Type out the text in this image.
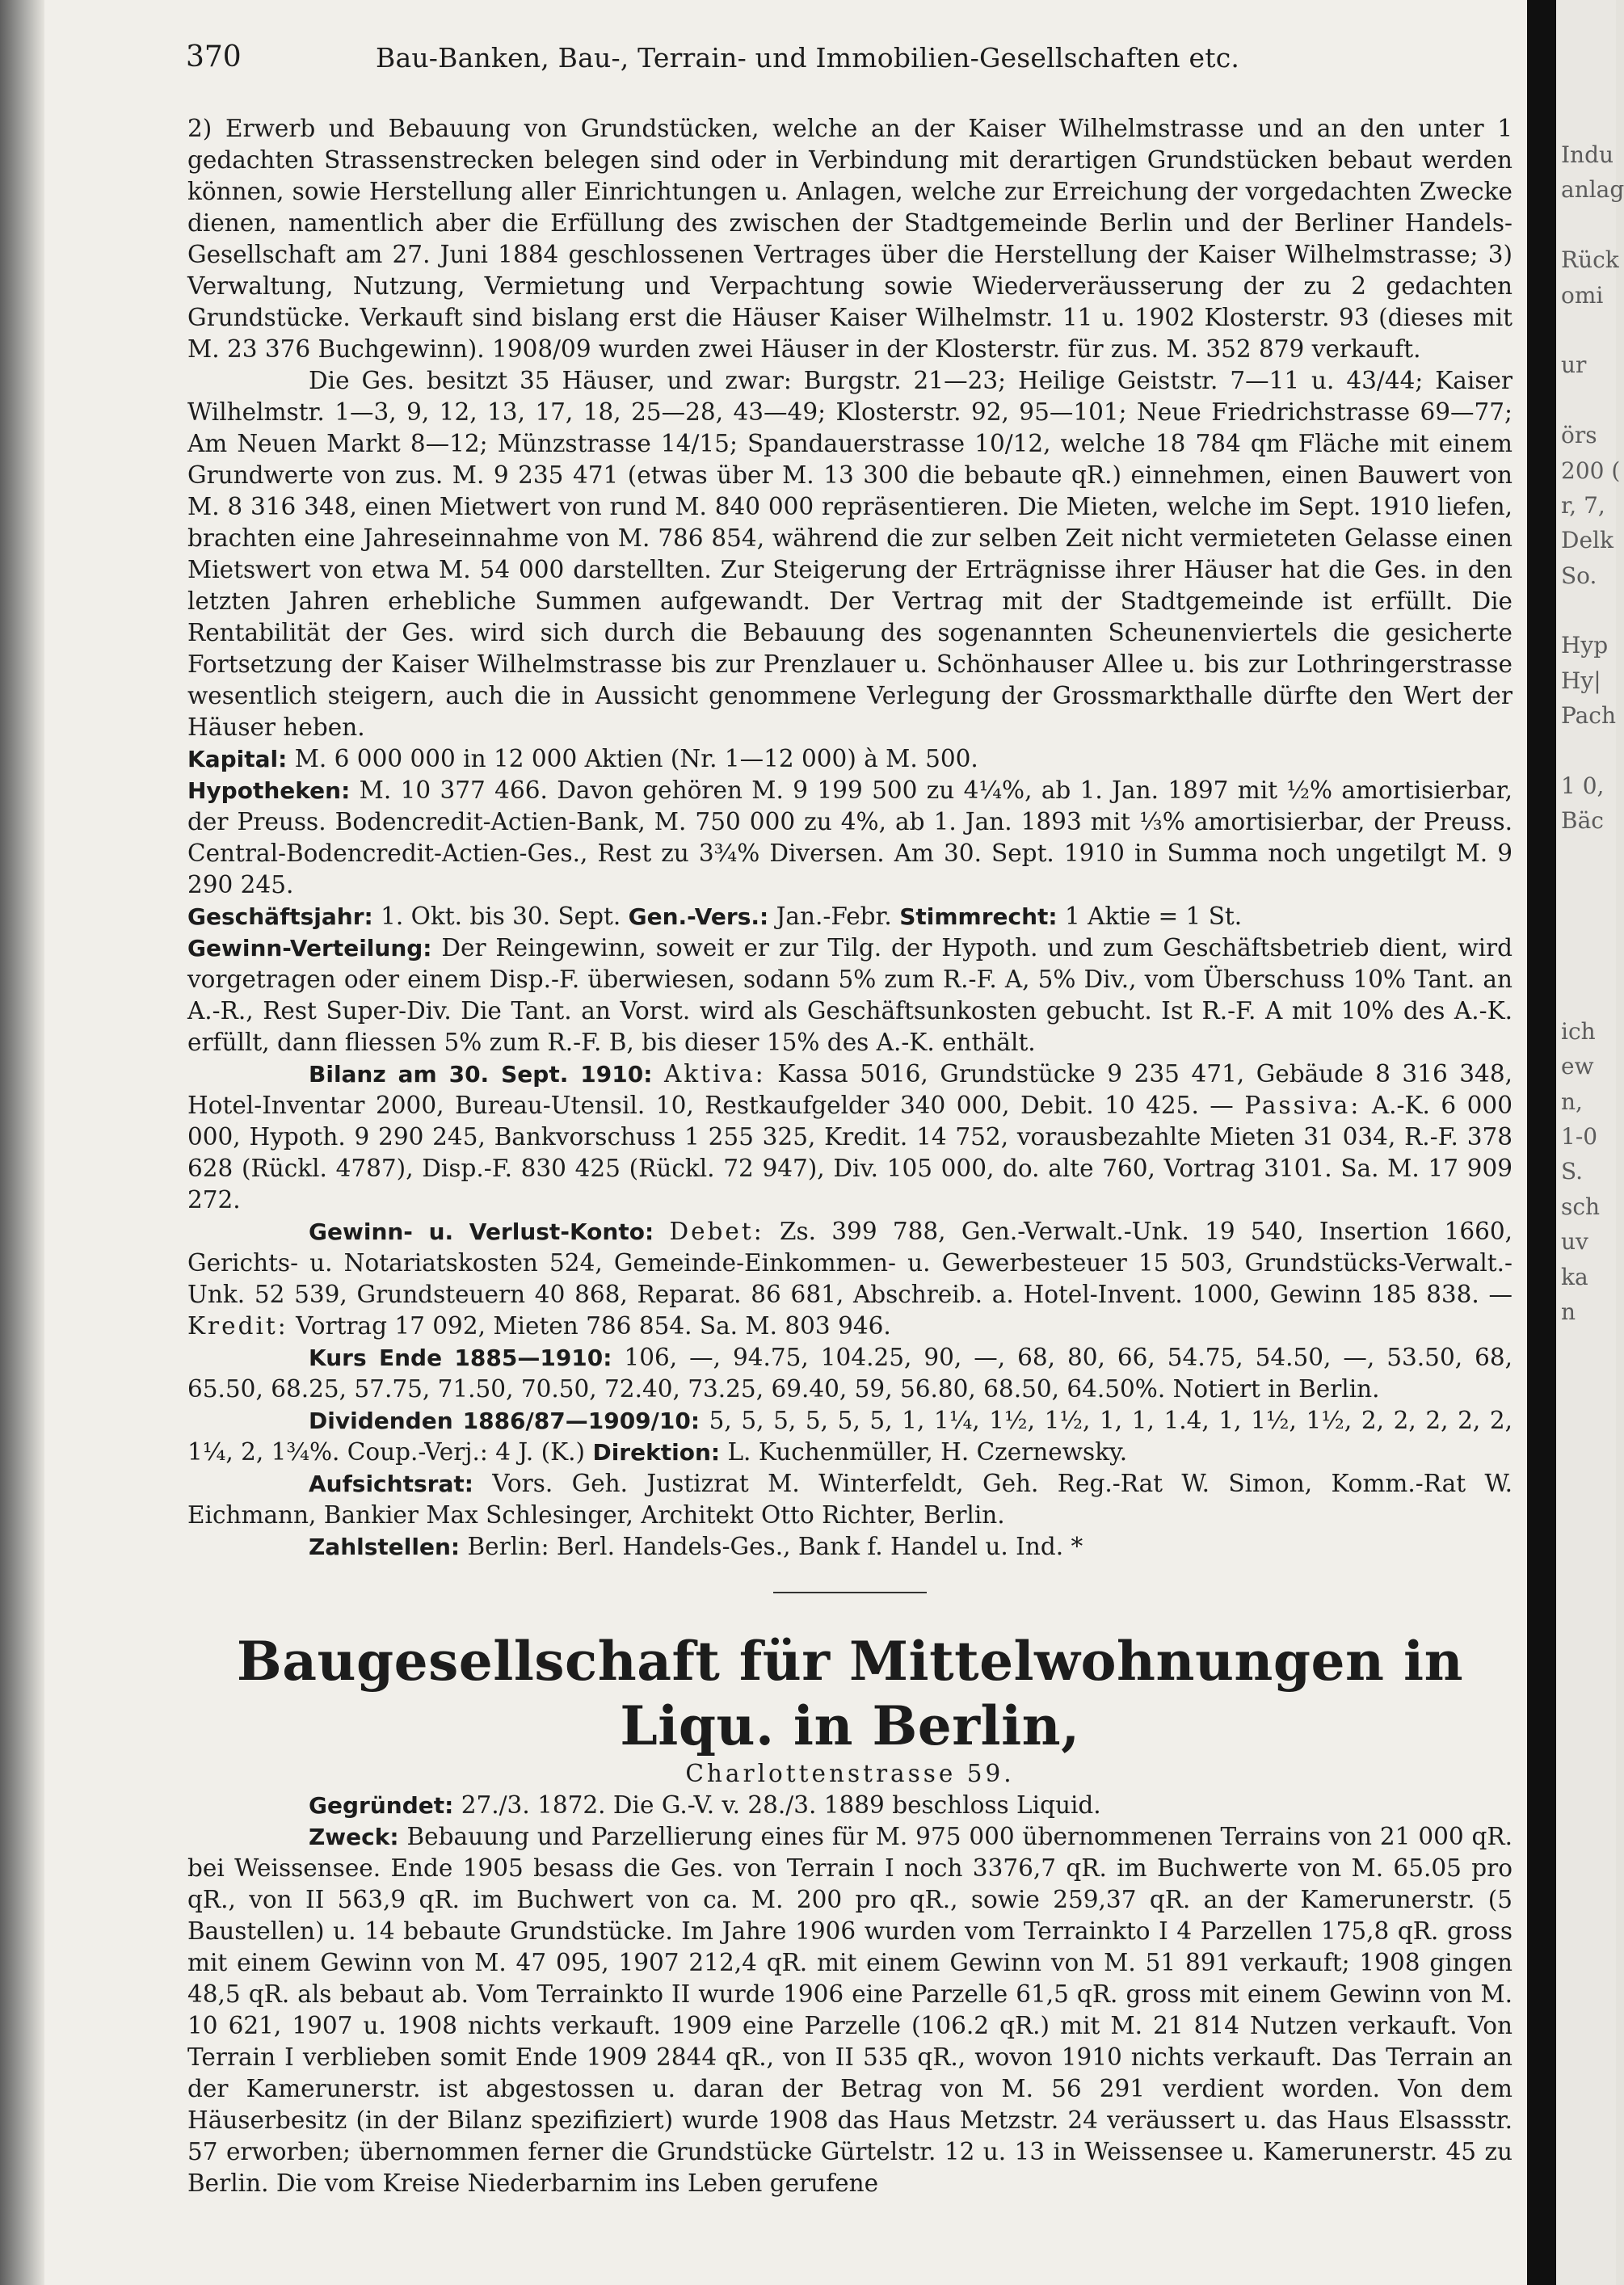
370	Bau-Banken, Bau-, Terrain- und Immobilien-Gesellschaften etc.

2) Erwerb und Bebauung von Grundstücken, welche an der Kaiser Wilhelmstrasse und an den unter 1 gedachten Strassenstrecken belegen sind oder in Verbindung mit derartigen Grundstücken bebaut werden können, sowie Herstellung aller Einrichtungen u. Anlagen, welche zur Erreichung der vorgedachten Zwecke dienen, namentlich aber die Erfüllung des zwischen der Stadtgemeinde Berlin und der Berliner Handels-Gesellschaft am 27. Juni 1884 geschlossenen Vertrages über die Herstellung der Kaiser Wilhelmstrasse; 3) Verwaltung, Nutzung, Vermietung und Verpachtung sowie Wiederveräusserung der zu 2 gedachten Grundstücke. Verkauft sind bislang erst die Häuser Kaiser Wilhelmstr. 11 u. 1902 Klosterstr. 93 (dieses mit M. 23 376 Buchgewinn). 1908/09 wurden zwei Häuser in der Klosterstr. für zus. M. 352 879 verkauft.

Die Ges. besitzt 35 Häuser, und zwar: Burgstr. 21—23; Heilige Geiststr. 7—11 u. 43/44; Kaiser Wilhelmstr. 1—3, 9, 12, 13, 17, 18, 25—28, 43—49; Klosterstr. 92, 95—101; Neue Friedrichstrasse 69—77; Am Neuen Markt 8—12; Münzstrasse 14/15; Spandauerstrasse 10/12, welche 18 784 qm Fläche mit einem Grundwerte von zus. M. 9 235 471 (etwas über M. 13 300 die bebaute qR.) einnehmen, einen Bauwert von M. 8 316 348, einen Mietwert von rund M. 840 000 repräsentieren. Die Mieten, welche im Sept. 1910 liefen, brachten eine Jahreseinnahme von M. 786 854, während die zur selben Zeit nicht vermieteten Gelasse einen Mietswert von etwa M. 54 000 darstellten. Zur Steigerung der Erträgnisse ihrer Häuser hat die Ges. in den letzten Jahren erhebliche Summen aufgewandt. Der Vertrag mit der Stadtgemeinde ist erfüllt. Die Rentabilität der Ges. wird sich durch die Bebauung des sogenannten Scheunenviertels die gesicherte Fortsetzung der Kaiser Wilhelmstrasse bis zur Prenzlauer u. Schönhauser Allee u. bis zur Lothringerstrasse wesentlich steigern, auch die in Aussicht genommene Verlegung der Grossmarkthalle dürfte den Wert der Häuser heben.

Kapital: M. 6 000 000 in 12 000 Aktien (Nr. 1—12 000) à M. 500.

Hypotheken: M. 10 377 466. Davon gehören M. 9 199 500 zu 4¼%, ab 1. Jan. 1897 mit ½% amortisierbar, der Preuss. Bodencredit-Actien-Bank, M. 750 000 zu 4%, ab 1. Jan. 1893 mit ⅓% amortisierbar, der Preuss. Central-Bodencredit-Actien-Ges., Rest zu 3¾% Diversen. Am 30. Sept. 1910 in Summa noch ungetilgt M. 9 290 245.

Geschäftsjahr: 1. Okt. bis 30. Sept. Gen.-Vers.: Jan.-Febr. Stimmrecht: 1 Aktie = 1 St.

Gewinn-Verteilung: Der Reingewinn, soweit er zur Tilg. der Hypoth. und zum Geschäftsbetrieb dient, wird vorgetragen oder einem Disp.-F. überwiesen, sodann 5% zum R.-F. A, 5% Div., vom Überschuss 10% Tant. an A.-R., Rest Super-Div. Die Tant. an Vorst. wird als Geschäftsunkosten gebucht. Ist R.-F. A mit 10% des A.-K. erfüllt, dann fliessen 5% zum R.-F. B, bis dieser 15% des A.-K. enthält.

Bilanz am 30. Sept. 1910: Aktiva: Kassa 5016, Grundstücke 9 235 471, Gebäude 8 316 348, Hotel-Inventar 2000, Bureau-Utensil. 10, Restkaufgelder 340 000, Debit. 10 425. — Passiva: A.-K. 6 000 000, Hypoth. 9 290 245, Bankvorschuss 1 255 325, Kredit. 14 752, vorausbezahlte Mieten 31 034, R.-F. 378 628 (Rückl. 4787), Disp.-F. 830 425 (Rückl. 72 947), Div. 105 000, do. alte 760, Vortrag 3101. Sa. M. 17 909 272.

Gewinn- u. Verlust-Konto: Debet: Zs. 399 788, Gen.-Verwalt.-Unk. 19 540, Insertion 1660, Gerichts- u. Notariatskosten 524, Gemeinde-Einkommen- u. Gewerbesteuer 15 503, Grundstücks-Verwalt.-Unk. 52 539, Grundsteuern 40 868, Reparat. 86 681, Abschreib. a. Hotel-Invent. 1000, Gewinn 185 838. — Kredit: Vortrag 17 092, Mieten 786 854. Sa. M. 803 946.

Kurs Ende 1885—1910: 106, —, 94.75, 104.25, 90, —, 68, 80, 66, 54.75, 54.50, —, 53.50, 68, 65.50, 68.25, 57.75, 71.50, 70.50, 72.40, 73.25, 69.40, 59, 56.80, 68.50, 64.50%. Notiert in Berlin.

Dividenden 1886/87—1909/10: 5, 5, 5, 5, 5, 5, 1, 1¼, 1½, 1½, 1, 1, 1.4, 1, 1½, 1½, 2, 2, 2, 2, 2, 1¼, 2, 1¾%. Coup.-Verj.: 4 J. (K.) Direktion: L. Kuchenmüller, H. Czernewsky.

Aufsichtsrat: Vors. Geh. Justizrat M. Winterfeldt, Geh. Reg.-Rat W. Simon, Komm.-Rat W. Eichmann, Bankier Max Schlesinger, Architekt Otto Richter, Berlin.

Zahlstellen: Berlin: Berl. Handels-Ges., Bank f. Handel u. Ind. *

Baugesellschaft für Mittelwohnungen in Liqu. in Berlin,

Charlottenstrasse 59.

Gegründet: 27./3. 1872. Die G.-V. v. 28./3. 1889 beschloss Liquid.

Zweck: Bebauung und Parzellierung eines für M. 975 000 übernommenen Terrains von 21 000 qR. bei Weissensee. Ende 1905 besass die Ges. von Terrain I noch 3376,7 qR. im Buchwerte von M. 65.05 pro qR., von II 563,9 qR. im Buchwert von ca. M. 200 pro qR., sowie 259,37 qR. an der Kamerunerstr. (5 Baustellen) u. 14 bebaute Grundstücke. Im Jahre 1906 wurden vom Terrainkto I 4 Parzellen 175,8 qR. gross mit einem Gewinn von M. 47 095, 1907 212,4 qR. mit einem Gewinn von M. 51 891 verkauft; 1908 gingen 48,5 qR. als bebaut ab. Vom Terrainkto II wurde 1906 eine Parzelle 61,5 qR. gross mit einem Gewinn von M. 10 621, 1907 u. 1908 nichts verkauft. 1909 eine Parzelle (106.2 qR.) mit M. 21 814 Nutzen verkauft. Von Terrain I verblieben somit Ende 1909 2844 qR., von II 535 qR., wovon 1910 nichts verkauft. Das Terrain an der Kamerunerstr. ist abgestossen u. daran der Betrag von M. 56 291 verdient worden. Von dem Häuserbesitz (in der Bilanz spezifiziert) wurde 1908 das Haus Metzstr. 24 veräussert u. das Haus Elsassstr. 57 erworben; übernommen ferner die Grundstücke Gürtelstr. 12 u. 13 in Weissensee u. Kamerunerstr. 45 zu Berlin. Die vom Kreise Niederbarnim ins Leben gerufene

Indu
anlag

Rück
omi

ur

örs
200 (
r, 7,
Delk
So.

Hyp
Hy|
Pach

1 0,
Bäc

ich
ew
n,
1-0
S.
sch
uv
ka
n
